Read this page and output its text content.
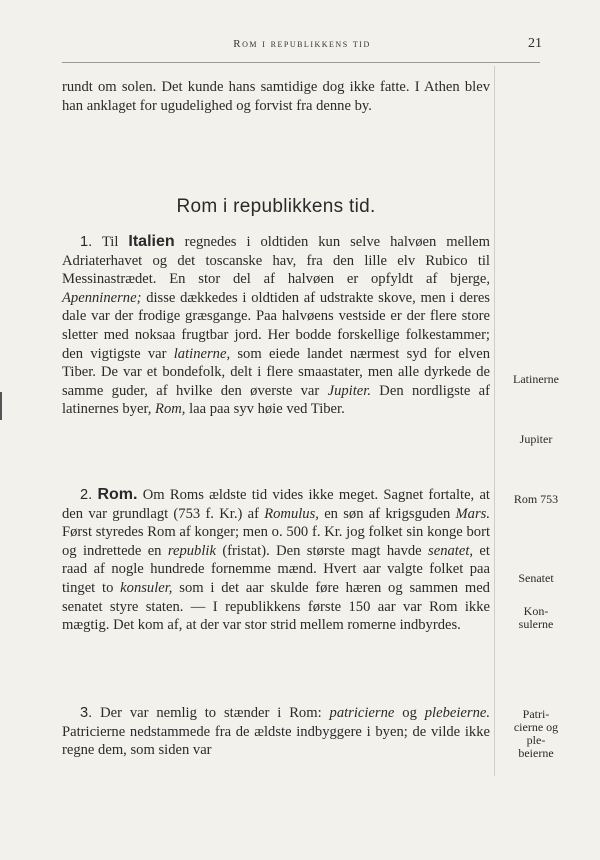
Rom i republikkens tid	21
rundt om solen. Det kunde hans samtidige dog ikke fatte. I Athen blev han anklaget for ugudelighed og forvist fra denne by.
Rom i republikkens tid.
1. Til Italien regnedes i oldtiden kun selve halvøen mellem Adriaterhavet og det toscanske hav, fra den lille elv Rubico til Messinastrædet. En stor del af halvøen er opfyldt af bjerge, Apenninerne; disse dækkedes i oldtiden af udstrakte skove, men i deres dale var der frodige græsgange. Paa halvøens vestside er der flere store sletter med noksaa frugtbar jord. Her bodde forskellige folkestammer; den vigtigste var latinerne, som eiede landet nærmest syd for elven Tiber. De var et bondefolk, delt i flere smaastater, men alle dyrkede de samme guder, af hvilke den øverste var Jupiter. Den nordligste af latinernes byer, Rom, laa paa syv høie ved Tiber.
2. Rom. Om Roms ældste tid vides ikke meget. Sagnet fortalte, at den var grundlagt (753 f. Kr.) af Romulus, en søn af krigsguden Mars. Først styredes Rom af konger; men o. 500 f. Kr. jog folket sin konge bort og indrettede en republik (fristat). Den største magt havde senatet, et raad af nogle hundrede fornemme mænd. Hvert aar valgte folket paa tinget to konsuler, som i det aar skulde føre hæren og sammen med senatet styre staten. — I republikkens første 150 aar var Rom ikke mægtig. Det kom af, at der var stor strid mellem romerne indbyrdes.
3. Der var nemlig to stænder i Rom: patricierne og plebeierne. Patricierne nedstammede fra de ældste indbyggere i byen; de vilde ikke regne dem, som siden var
Latinerne
Jupiter
Rom 753
Senatet
Kon-
sulerne
Patri-
cierne og
ple-
beierne
